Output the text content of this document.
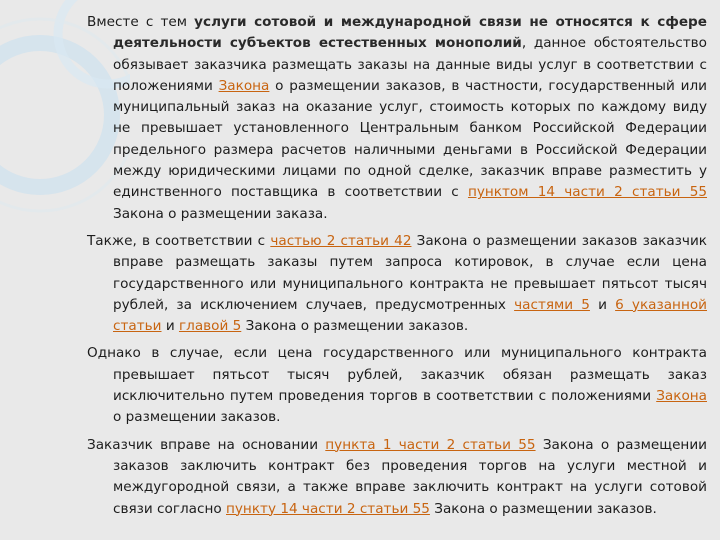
Вместе с тем услуги сотовой и международной связи не относятся к сфере деятельности субъектов естественных монополий, данное обстоятельство обязывает заказчика размещать заказы на данные виды услуг в соответствии с положениями Закона о размещении заказов, в частности, государственный или муниципальный заказ на оказание услуг, стоимость которых по каждому виду не превышает установленного Центральным банком Российской Федерации предельного размера расчетов наличными деньгами в Российской Федерации между юридическими лицами по одной сделке, заказчик вправе разместить у единственного поставщика в соответствии с пунктом 14 части 2 статьи 55 Закона о размещении заказа.
Также, в соответствии с частью 2 статьи 42 Закона о размещении заказов заказчик вправе размещать заказы путем запроса котировок, в случае если цена государственного или муниципального контракта не превышает пятьсот тысяч рублей, за исключением случаев, предусмотренных частями 5 и 6 указанной статьи и главой 5 Закона о размещении заказов.
Однако в случае, если цена государственного или муниципального контракта превышает пятьсот тысяч рублей, заказчик обязан размещать заказ исключительно путем проведения торгов в соответствии с положениями Закона о размещении заказов.
Заказчик вправе на основании пункта 1 части 2 статьи 55 Закона о размещении заказов заключить контракт без проведения торгов на услуги местной и междугородной связи, а также вправе заключить контракт на услуги сотовой связи согласно пункту 14 части 2 статьи 55 Закона о размещении заказов.
